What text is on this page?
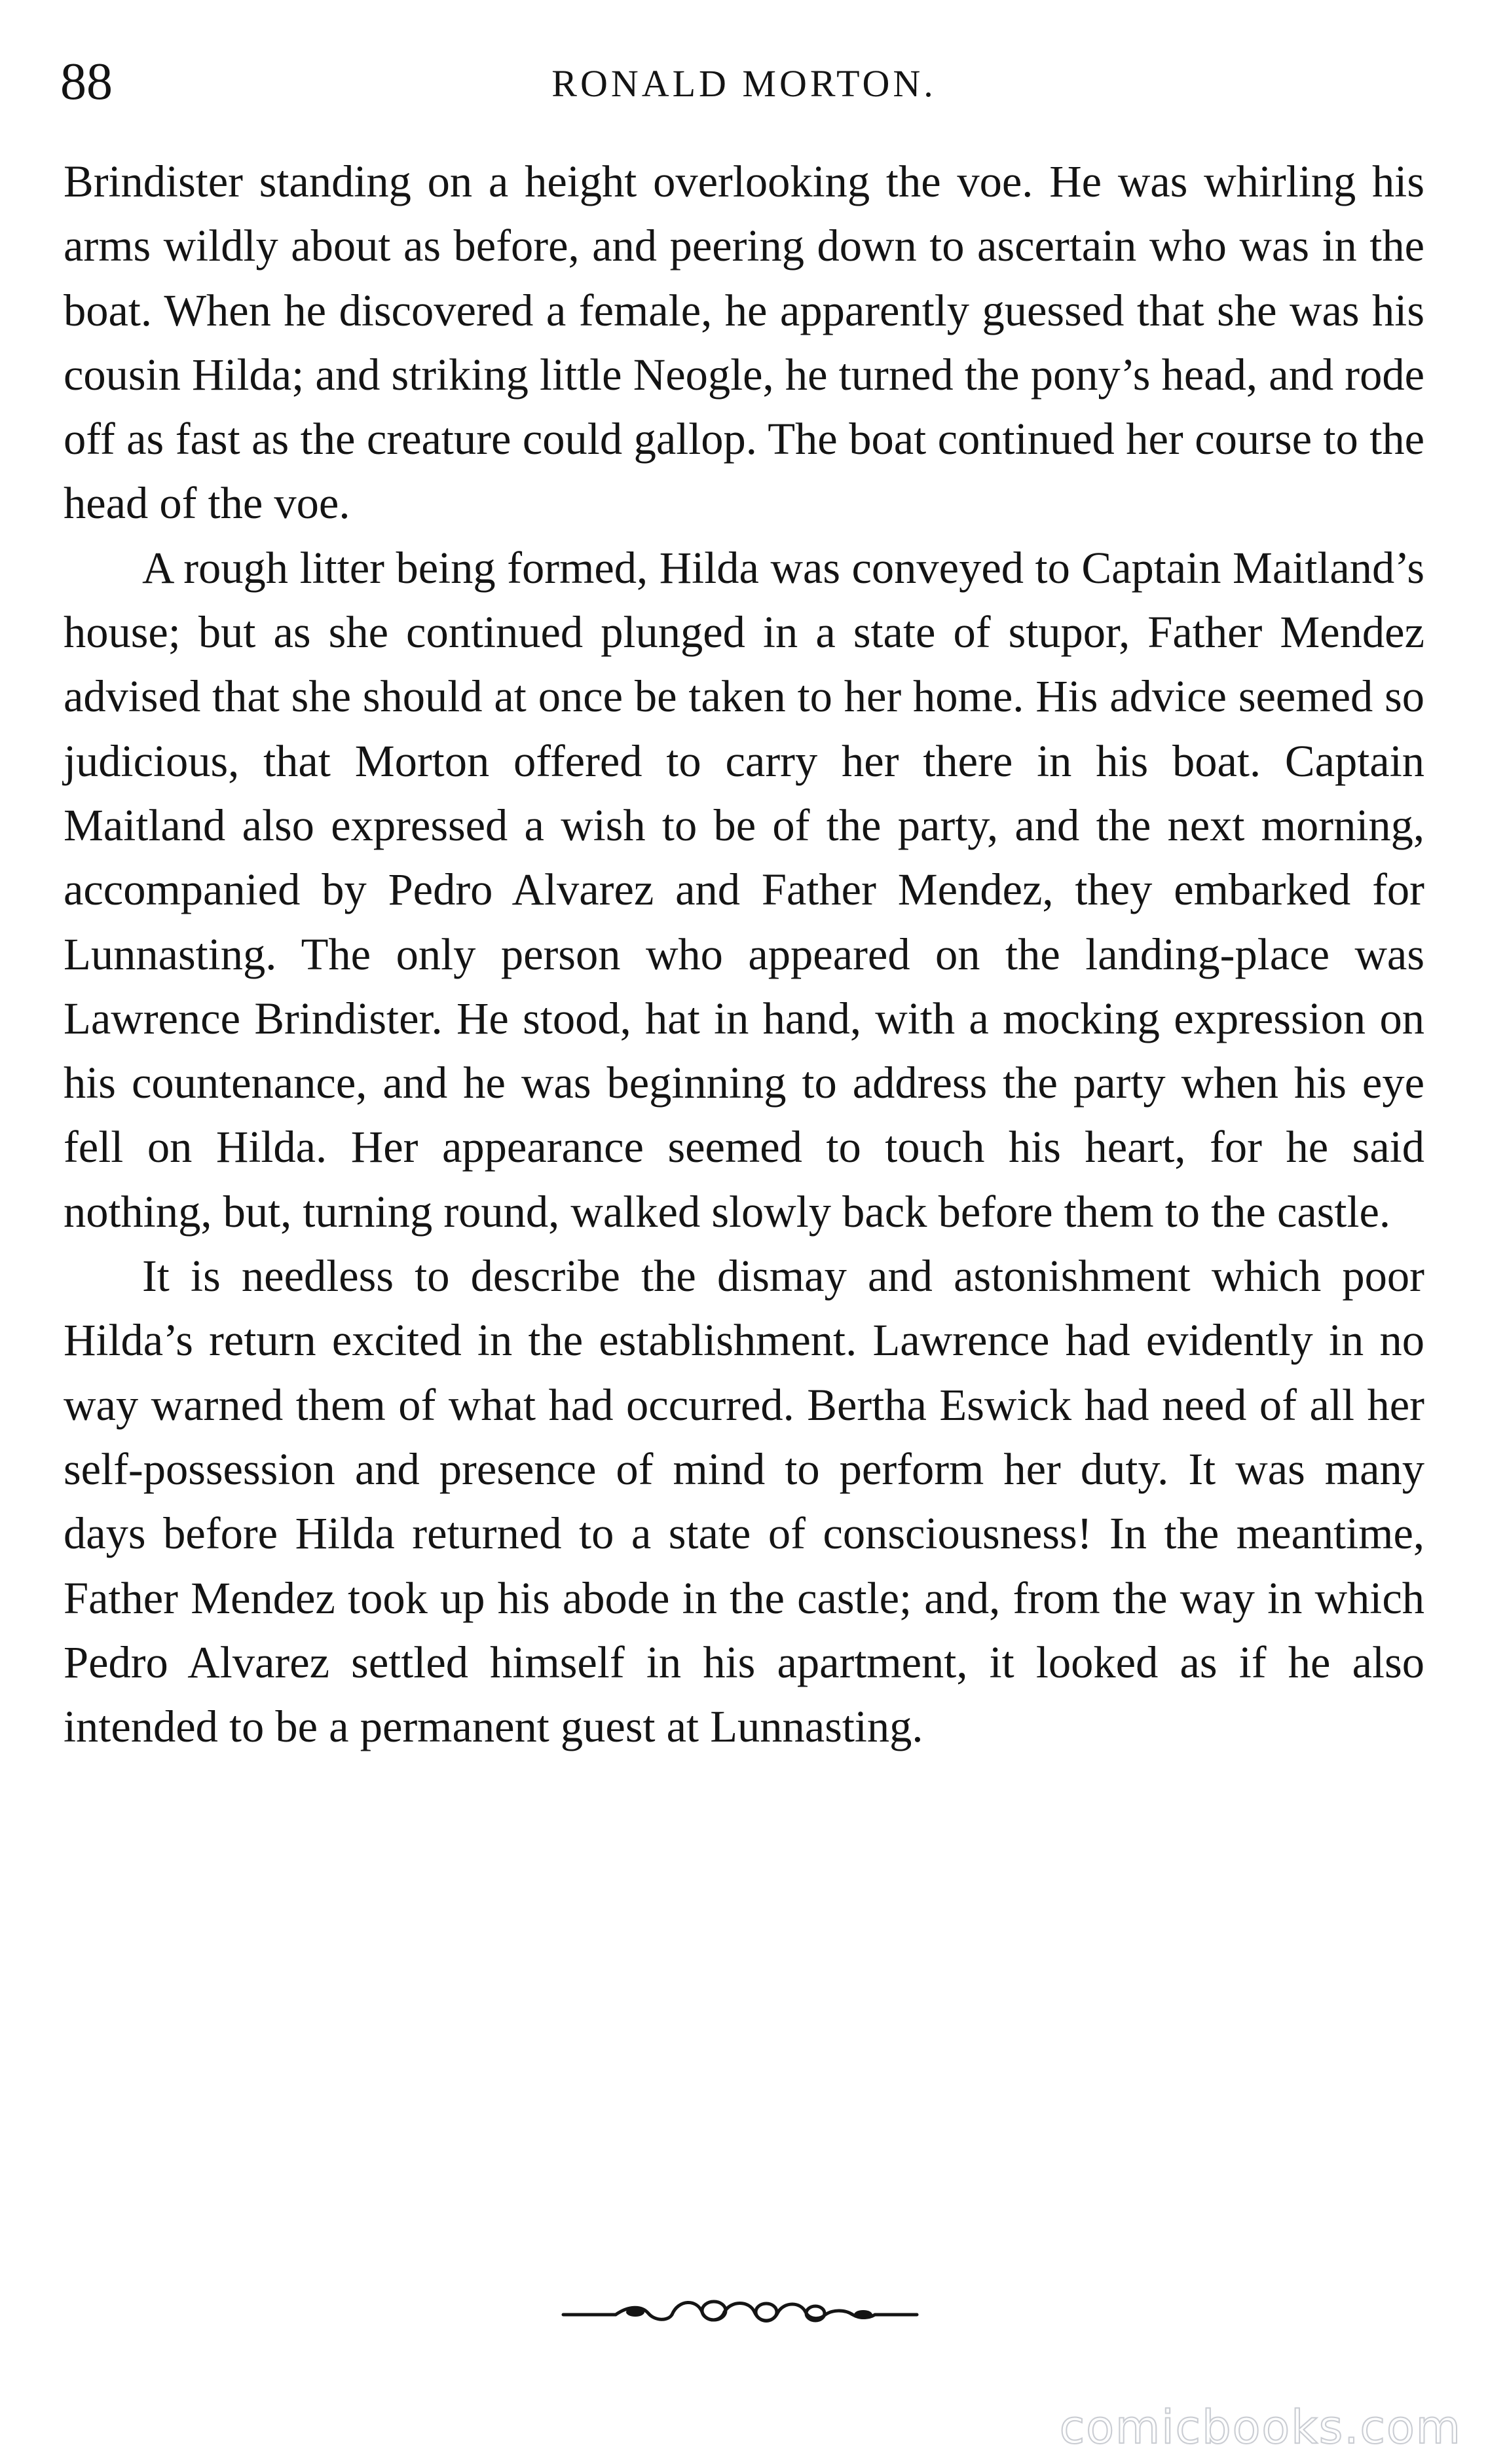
88	RONALD MORTON.

Brindister standing on a height overlooking the voe. He was whirling his arms wildly about as before, and peering down to ascertain who was in the boat. When he discovered a female, he apparently guessed that she was his cousin Hilda; and striking little Neogle, he turned the pony’s head, and rode off as fast as the creature could gallop. The boat continued her course to the head of the voe.

A rough litter being formed, Hilda was conveyed to Captain Maitland’s house; but as she continued plunged in a state of stupor, Father Mendez advised that she should at once be taken to her home. His advice seemed so judicious, that Morton offered to carry her there in his boat. Captain Maitland also expressed a wish to be of the party, and the next morning, accompanied by Pedro Alvarez and Father Mendez, they embarked for Lunnasting. The only person who appeared on the landing-place was Lawrence Brindister. He stood, hat in hand, with a mocking expression on his countenance, and he was beginning to address the party when his eye fell on Hilda. Her appearance seemed to touch his heart, for he said nothing, but, turning round, walked slowly back before them to the castle.

It is needless to describe the dismay and astonishment which poor Hilda’s return excited in the establishment. Lawrence had evidently in no way warned them of what had occurred. Bertha Eswick had need of all her self-possession and presence of mind to perform her duty. It was many days before Hilda returned to a state of consciousness! In the meantime, Father Mendez took up his abode in the castle; and, from the way in which Pedro Alvarez settled himself in his apartment, it looked as if he also intended to be a permanent guest at Lunnasting.

comicbooks.com
